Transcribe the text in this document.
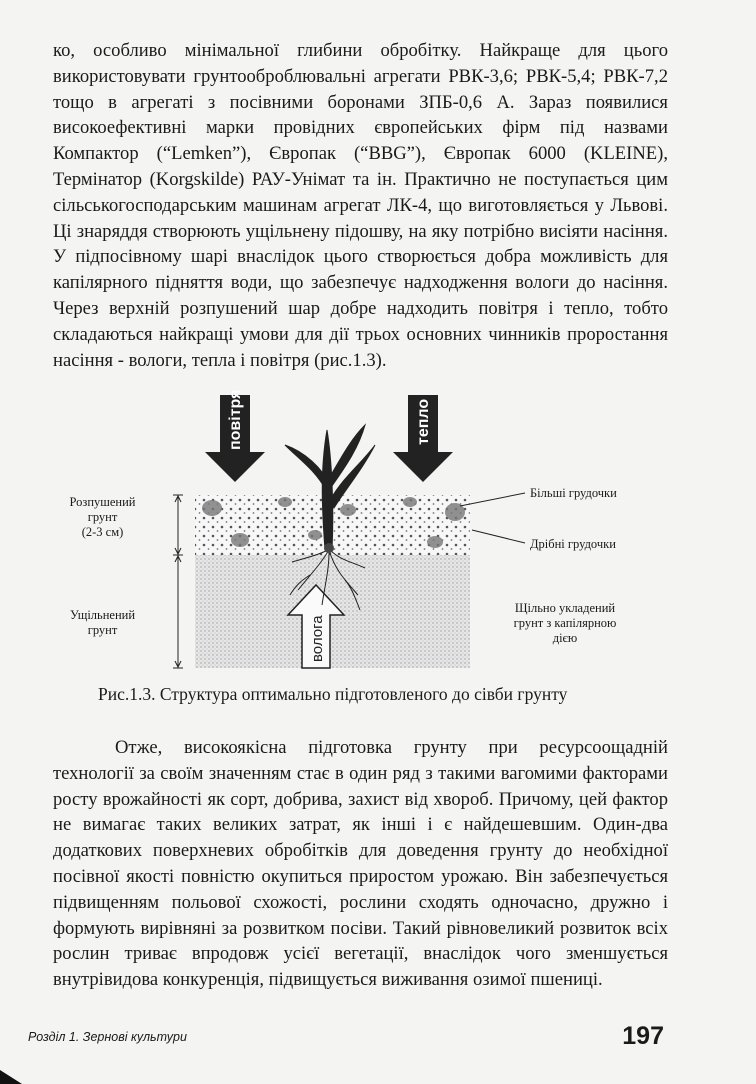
ко, особливо мінімальної глибини обробітку. Найкраще для цього використовувати грунтооброблювальні агрегати РВК-3,6; РВК-5,4; РВК-7,2 тощо в агрегаті з посівними боронами ЗПБ-0,6 А. Зараз появилися високоефективні марки провідних європейських фірм під назвами Компактор (“Lemken”), Європак (“BBG”), Європак 6000 (KLEINE), Термінатор (Korgskilde) РАУ-Унімат та ін. Практично не поступається цим сільськогосподарським машинам агрегат ЛК-4, що виготовляється у Львові. Ці знаряддя створюють ущільнену підошву, на яку потрібно висіяти насіння. У підпосівному шарі внаслідок цього створюється добра можливість для капілярного підняття води, що забезпечує надходження вологи до насіння. Через верхній розпушений шар добре надходить повітря і тепло, тобто складаються найкращі умови для дії трьох основних чинників проростання насіння - вологи, тепла і повітря (рис.1.3).

повітря	тепло
волога
Розпушений
грунт
(2-3 см)
Ущільнений
грунт
Більші грудочки
Дрібні грудочки
Щільно укладений
грунт з капілярною
дією
Рис.1.3. Структура оптимально підготовленого до сівби грунту

Отже, високоякісна підготовка грунту при ресурсоощадній технології за своїм значенням стає в один ряд з такими вагомими факторами росту врожайності як сорт, добрива, захист від хвороб. Причому, цей фактор не вимагає таких великих затрат, як інші і є найдешевшим. Один-два додаткових поверхневих обробітків для доведення грунту до необхідної посівної якості повністю окупиться приростом урожаю. Він забезпечується підвищенням польової схожості, рослини сходять одночасно, дружно і формують вирівняні за розвитком посіви. Такий рівновеликий розвиток всіх рослин триває впродовж усієї вегетації, внаслідок чого зменшується внутрівидова конкуренція, підвищується виживання озимої пшениці.

Розділ 1. Зернові культури	197
